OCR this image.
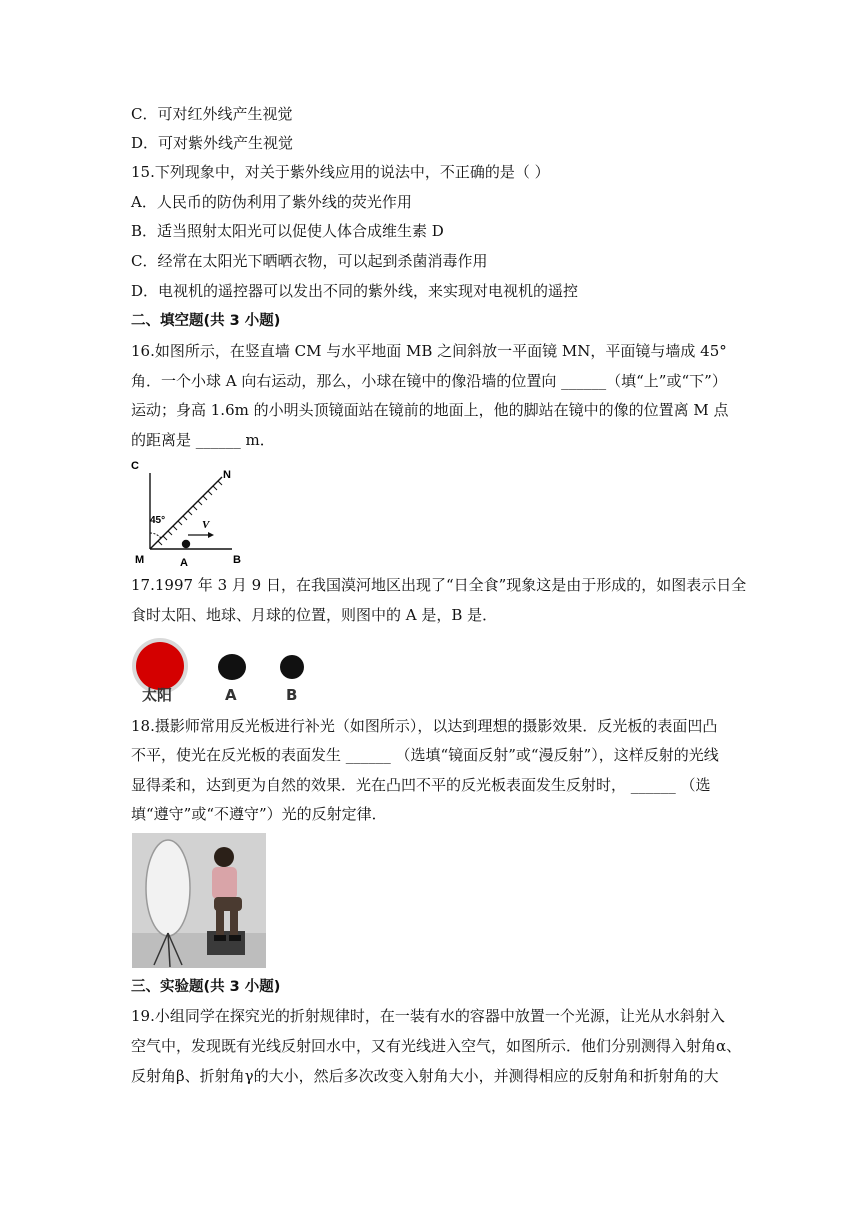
C．可对红外线产生视觉
D．可对紫外线产生视觉
15.下列现象中，对关于紫外线应用的说法中，不正确的是（ ）
A．人民币的防伪利用了紫外线的荧光作用
B．适当照射太阳光可以促使人体合成维生素 D
C．经常在太阳光下晒晒衣物，可以起到杀菌消毒作用
D．电视机的遥控器可以发出不同的紫外线，来实现对电视机的遥控
二、填空题(共 3 小题)
16.如图所示，在竖直墙 CM 与水平地面 MB 之间斜放一平面镜 MN，平面镜与墙成 45°
角．一个小球 A 向右运动，那么，小球在镜中的像沿墙的位置向 ______（填“上”或“下”）
运动；身高 1.6m 的小明头顶镜面站在镜前的地面上，他的脚站在镜中的像的位置离 M 点
的距离是 ______ m．
C
N
45°	V
M	A	B
17.1997 年 3 月 9 日，在我国漠河地区出现了“日全食”现象这是由于形成的，如图表示日全
食时太阳、地球、月球的位置，则图中的 A 是，B 是．
太阳	A	B
18.摄影师常用反光板进行补光（如图所示），以达到理想的摄影效果．反光板的表面凹凸
不平，使光在反光板的表面发生 ______ （选填“镜面反射”或“漫反射”），这样反射的光线
显得柔和，达到更为自然的效果．光在凸凹不平的反光板表面发生反射时， ______ （选
填“遵守”或“不遵守”）光的反射定律．
三、实验题(共 3 小题)
19.小组同学在探究光的折射规律时，在一装有水的容器中放置一个光源，让光从水斜射入
空气中，发现既有光线反射回水中，又有光线进入空气，如图所示．他们分别测得入射角α、
反射角β、折射角γ的大小，然后多次改变入射角大小，并测得相应的反射角和折射角的大
